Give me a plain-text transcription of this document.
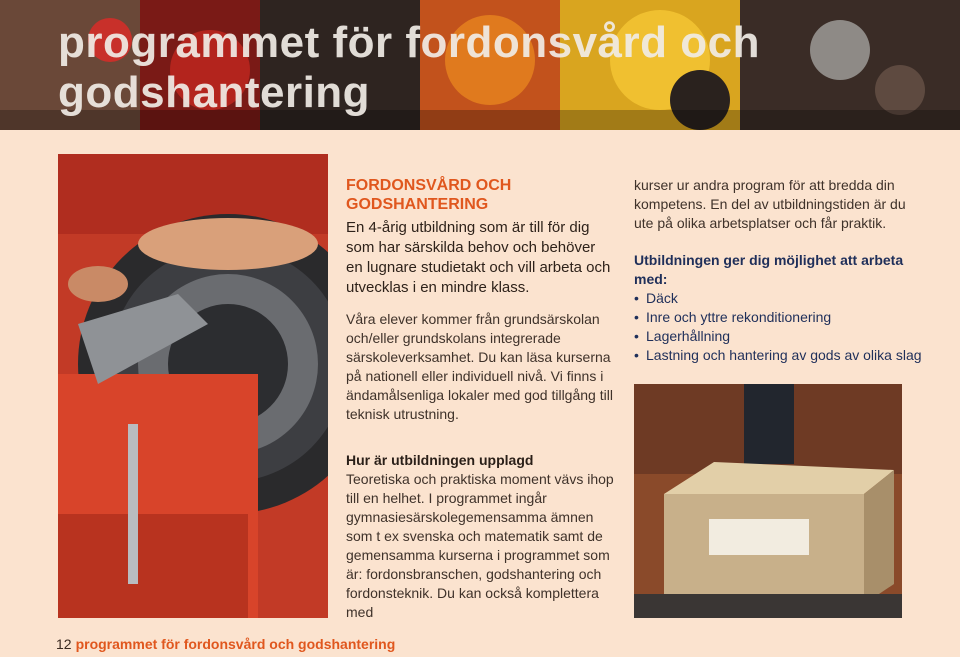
programmet för fordonsvård och godshantering
FORDONSVÅRD OCH
GODSHANTERING

En 4-årig utbildning som är till för dig som har särskilda behov och behöver en lugnare studietakt och vill arbeta och utvecklas i en mindre klass.

Våra elever kommer från grundsärskolan och/eller grundskolans integrerade särskoleverksamhet. Du kan läsa kurserna på nationell eller individuell nivå. Vi finns i ändamålsenliga lokaler med god tillgång till teknisk utrustning.

Hur är utbildningen upplagd

Teoretiska och praktiska moment vävs ihop till en helhet. I programmet ingår gymnasiesärskolegemensamma ämnen som t ex svenska och matematik samt de gemensamma kurserna i programmet som är: fordonsbranschen, godshantering och fordonsteknik. Du kan också komplettera med

kurser ur andra program för att bredda din kompetens. En del av utbildningstiden är du ute på olika arbetsplatser och får praktik.

Utbildningen ger dig möjlighet att arbeta med:

• Däck
• Inre och yttre rekonditionering
• Lagerhållning
• Lastning och hantering av gods av olika slag
12 programmet för fordonsvård och godshantering
